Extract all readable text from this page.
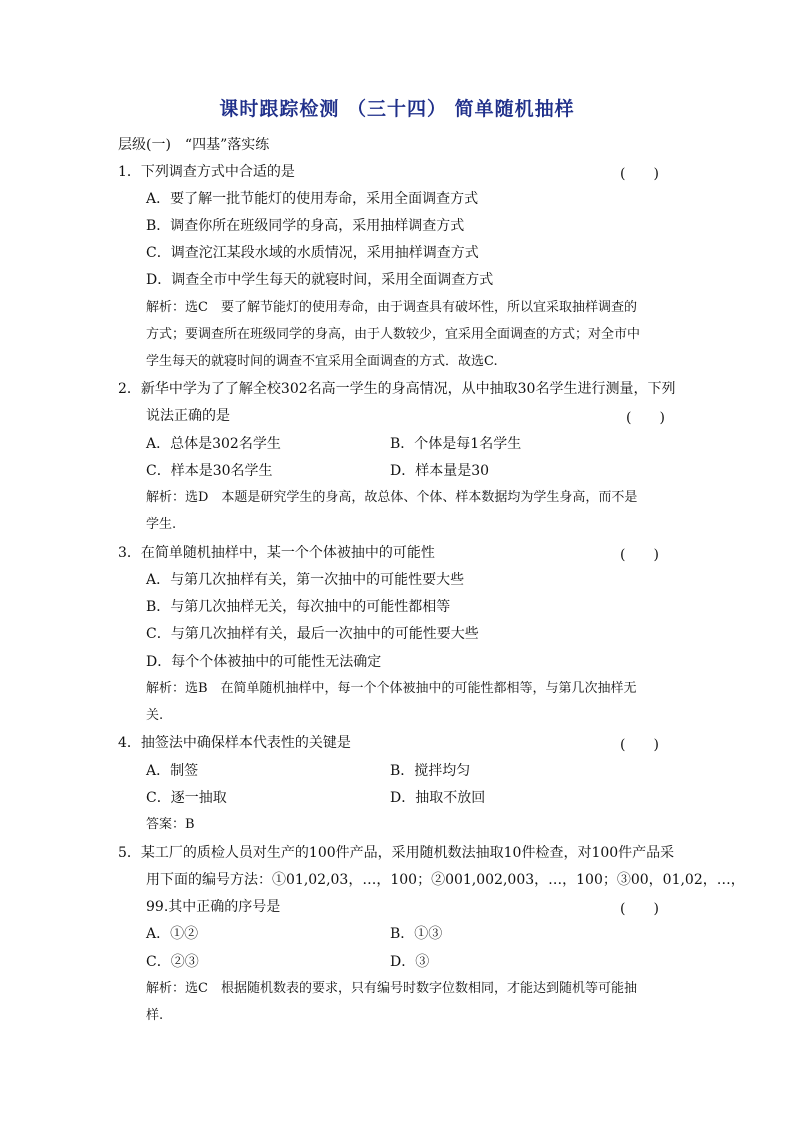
课时跟踪检测 （三十四） 简单随机抽样
层级(一)　“四基”落实练
1．下列调查方式中合适的是	(　　)
A．要了解一批节能灯的使用寿命，采用全面调查方式
B．调查你所在班级同学的身高，采用抽样调查方式
C．调查沱江某段水域的水质情况，采用抽样调查方式
D．调查全市中学生每天的就寝时间，采用全面调查方式
解析：选C　要了解节能灯的使用寿命，由于调查具有破坏性，所以宜采取抽样调查的
方式；要调查所在班级同学的身高，由于人数较少，宜采用全面调查的方式；对全市中
学生每天的就寝时间的调查不宜采用全面调查的方式．故选C.
2．新华中学为了了解全校302名高一学生的身高情况，从中抽取30名学生进行测量，下列
说法正确的是	(　　)
A．总体是302名学生	B．个体是每1名学生
C．样本是30名学生	D．样本量是30
解析：选D　本题是研究学生的身高，故总体、个体、样本数据均为学生身高，而不是
学生.
3．在简单随机抽样中，某一个个体被抽中的可能性	(　　)
A．与第几次抽样有关，第一次抽中的可能性要大些
B．与第几次抽样无关，每次抽中的可能性都相等
C．与第几次抽样有关，最后一次抽中的可能性要大些
D．每个个体被抽中的可能性无法确定
解析：选B　在简单随机抽样中，每一个个体被抽中的可能性都相等，与第几次抽样无
关.
4．抽签法中确保样本代表性的关键是	(　　)
A．制签	B．搅拌均匀
C．逐一抽取	D．抽取不放回
答案：B
5．某工厂的质检人员对生产的100件产品，采用随机数法抽取10件检查，对100件产品采
用下面的编号方法：①01,02,03，…，100；②001,002,003，…，100；③00，01,02，…，
99.其中正确的序号是	(　　)
A．①②	B．①③
C．②③	D．③
解析：选C　根据随机数表的要求，只有编号时数字位数相同，才能达到随机等可能抽
样.
